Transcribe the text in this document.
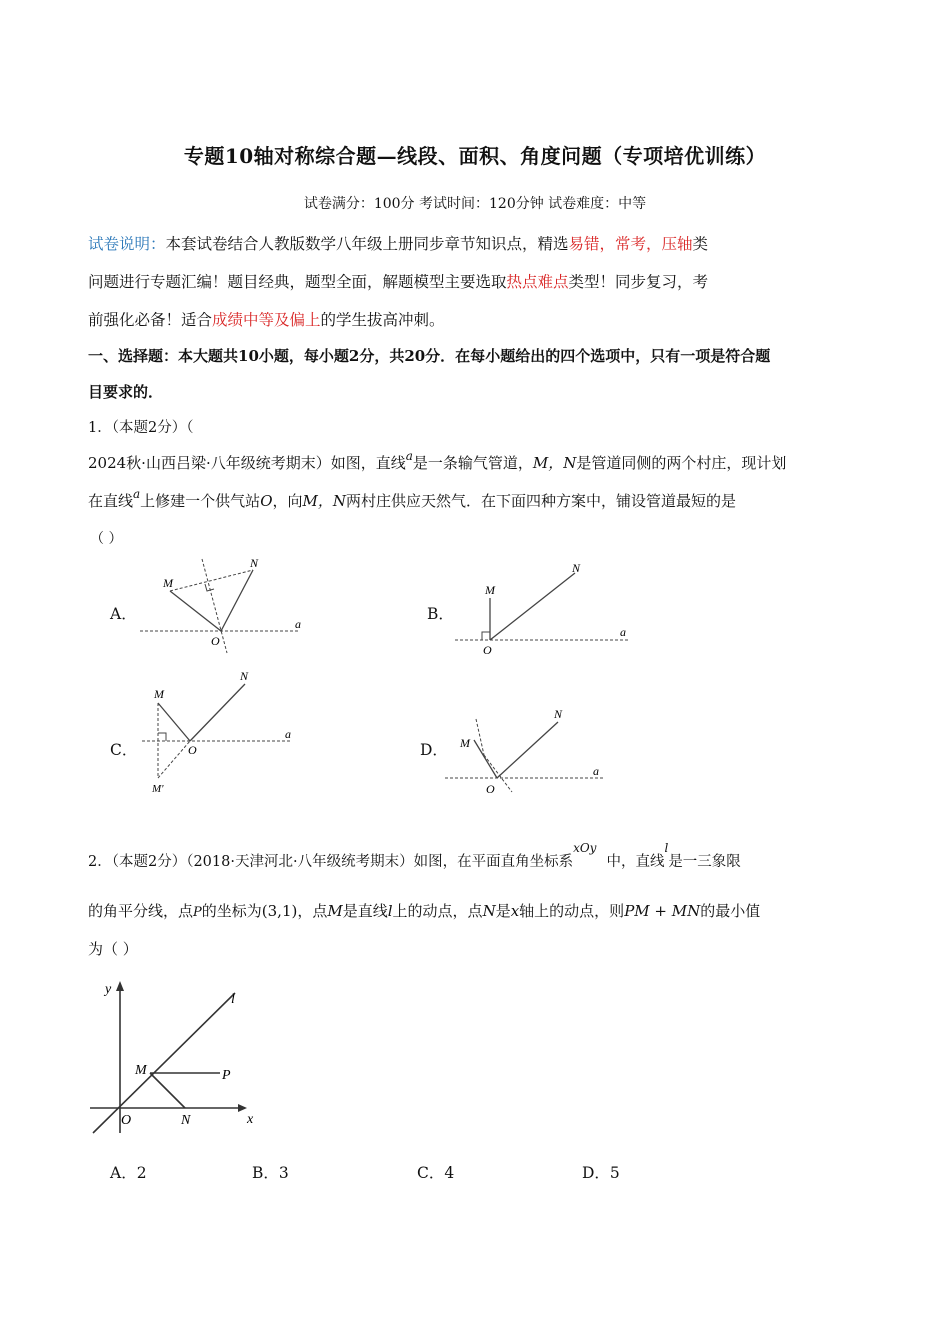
专题10轴对称综合题—线段、面积、角度问题（专项培优训练）
试卷满分：100分 考试时间：120分钟 试卷难度：中等
试卷说明：本套试卷结合人教版数学八年级上册同步章节知识点，精选易错，常考，压轴类
问题进行专题汇编！题目经典，题型全面，解题模型主要选取热点难点类型！同步复习，考
前强化必备！适合成绩中等及偏上的学生拔高冲刺。
一、选择题：本大题共10小题，每小题2分，共20分．在每小题给出的四个选项中，只有一项是符合题
目要求的．
1．（本题2分）（
2024秋·山西吕梁·八年级统考期末）如图，直线$^a$是一条输气管道，M，N是管道同侧的两个村庄，现计划
在直线$^a$上修建一个供气站O，向M，N两村庄供应天然气．在下面四种方案中，铺设管道最短的是
（ ）
A．	B．
C．	D．
M
N
O
a
M
N
O
a
M
N
O
a
M'
M
N
O
a
2．（本题2分）（2018·天津河北·八年级统考期末）如图，在平面直角坐标系$^{xOy}$中，直线$^l$是一三象限
的角平分线，点P的坐标为(3,1)，点M是直线l上的动点，点N是x轴上的动点，则PM + MN的最小值
为（ ）
y
x
l
M	P
O	N
A．2	B．3	C．4	D．5
